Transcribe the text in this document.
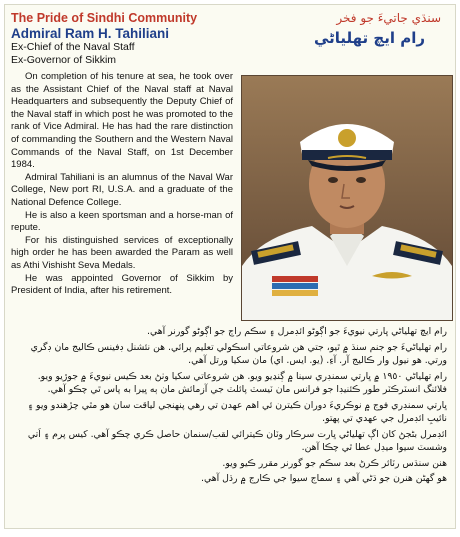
The Pride of Sindhi Community
Admiral Ram H. Tahiliani
Ex-Chief of the Naval Staff
Ex-Governor of Sikkim
سنڌي جاتيءَ جو فخر
رام ايچ تهلياڻي

On completion of his tenure at sea, he took over as the Assistant Chief of the Naval staff at Naval Headquarters and subsequently the Deputy Chief of the Naval staff in which post he was promoted to the rank of Vice Admiral. He has had the rare distinction of commanding the Southern and the Western Naval Commands of the Naval Staff, on 1st December 1984.

Admiral Tahiliani is an alumnus of the Naval War College, New port RI, U.S.A. and a graduate of the National Defence College.

He is also a keen sportsman and a horse-man of repute.

For his distinguished services of exceptionally high order he has been awarded the Param as well as Athi Vishisht Seva Medals.

He was appointed Governor of Sikkim by President of India, after his retirement.

رام ايچ تهلياڻي ڀارتي نيويءَ جو اڳوڻو ائڊمرل ۽ سڪم راڄ جو اڳوڻو گورنر آهي.

رام تهلياڻيءَ جو جنم سنڌ ۾ ٿيو، جتي هن شروعاتي اسڪولي تعليم پرائي. هن نئشنل ڊفينس ڪاليج مان ڊگري ورتي. هو نيول وار ڪاليج آر. آءِ. (يو. ايس. اي) مان سکيا ورتل آهي.

رام تهلياڻي ١٩٥٠ ۾ ڀارتي سمنڊري سينا ۾ ڳنڍيو ويو. هن شروعاتي سکيا وٺڻ بعد ڪيس نيويءَ ۾ جوڙيو ويو. فلائنگ انسٽرڪٽر طور ڪئنيڊا جو فرانس مان ٽيسٽ پائلٽ جي آزمائش مان ٻه ڀيرا به پاس ٿي چڪو آهي.

ڀارتي سمنڊري فوج ۾ نوڪريءَ دوران ڪيترن ئي اهم عهدن تي رهي پنهنجي لياقت سان هو مٿي چڙهندو ويو ۽ نائيبِ ائڊمرل جي عهدي تي پهتو.

ائڊمرل بڻجڻ کان اڳ تهلياڻي ڀارت سرڪار وٽان ڪيترائي لقب/سنمان حاصل ڪري چڪو آهي. کيس پرم ۽ اَتي وشسٽ سيوا ميڊل عطا ٿي چڪا آهن.

هنن سنڌس رٽائر ڪرڻ بعد سڪم جو گورنر مقرر ڪيو ويو.

هو گهڻن هنرن جو ڌڻي آهي ۽ سماج سيوا جي ڪارج ۾ رڌل آهي.
